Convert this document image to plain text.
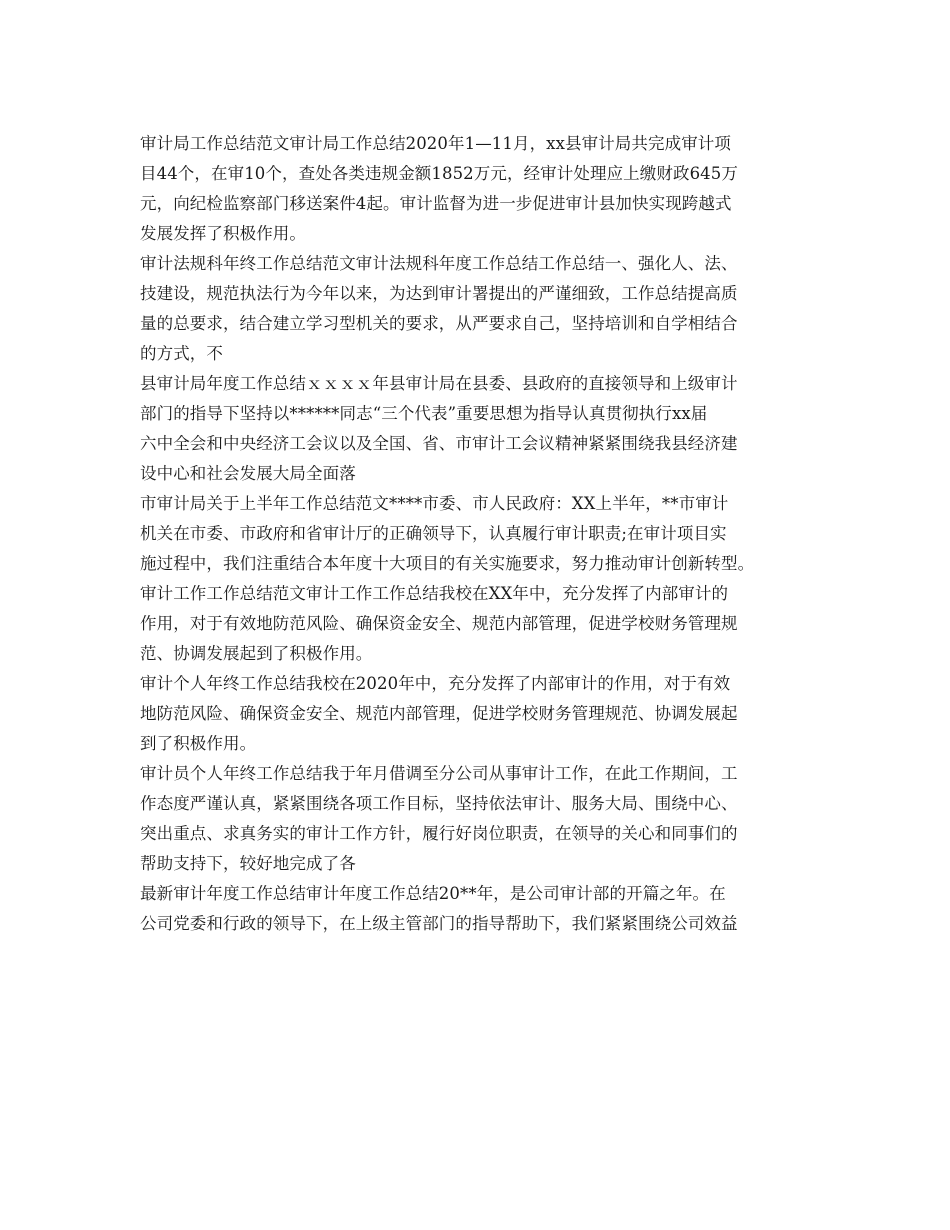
审计局工作总结范文审计局工作总结2020年1—11月，xx县审计局共完成审计项
目44个，在审10个，查处各类违规金额1852万元，经审计处理应上缴财政645万
元，向纪检监察部门移送案件4起。审计监督为进一步促进审计县加快实现跨越式
发展发挥了积极作用。

审计法规科年终工作总结范文审计法规科年度工作总结工作总结一、强化人、法、
技建设，规范执法行为今年以来，为达到审计署提出的严谨细致，工作总结提高质
量的总要求，结合建立学习型机关的要求，从严要求自己，坚持培训和自学相结合
的方式，不

县审计局年度工作总结ｘｘｘｘ年县审计局在县委、县政府的直接领导和上级审计
部门的指导下坚持以******同志“三个代表”重要思想为指导认真贯彻执行xx届
六中全会和中央经济工会议以及全国、省、市审计工会议精神紧紧围绕我县经济建
设中心和社会发展大局全面落

市审计局关于上半年工作总结范文****市委、市人民政府：XX上半年，**市审计
机关在市委、市政府和省审计厅的正确领导下，认真履行审计职责;在审计项目实
施过程中，我们注重结合本年度十大项目的有关实施要求，努力推动审计创新转型。

审计工作工作总结范文审计工作工作总结我校在XX年中，充分发挥了内部审计的
作用，对于有效地防范风险、确保资金安全、规范内部管理，促进学校财务管理规
范、协调发展起到了积极作用。

审计个人年终工作总结我校在2020年中，充分发挥了内部审计的作用，对于有效
地防范风险、确保资金安全、规范内部管理，促进学校财务管理规范、协调发展起
到了积极作用。

审计员个人年终工作总结我于年月借调至分公司从事审计工作，在此工作期间，工
作态度严谨认真，紧紧围绕各项工作目标，坚持依法审计、服务大局、围绕中心、
突出重点、求真务实的审计工作方针，履行好岗位职责，在领导的关心和同事们的
帮助支持下，较好地完成了各

最新审计年度工作总结审计年度工作总结20**年，是公司审计部的开篇之年。在
公司党委和行政的领导下，在上级主管部门的指导帮助下，我们紧紧围绕公司效益
